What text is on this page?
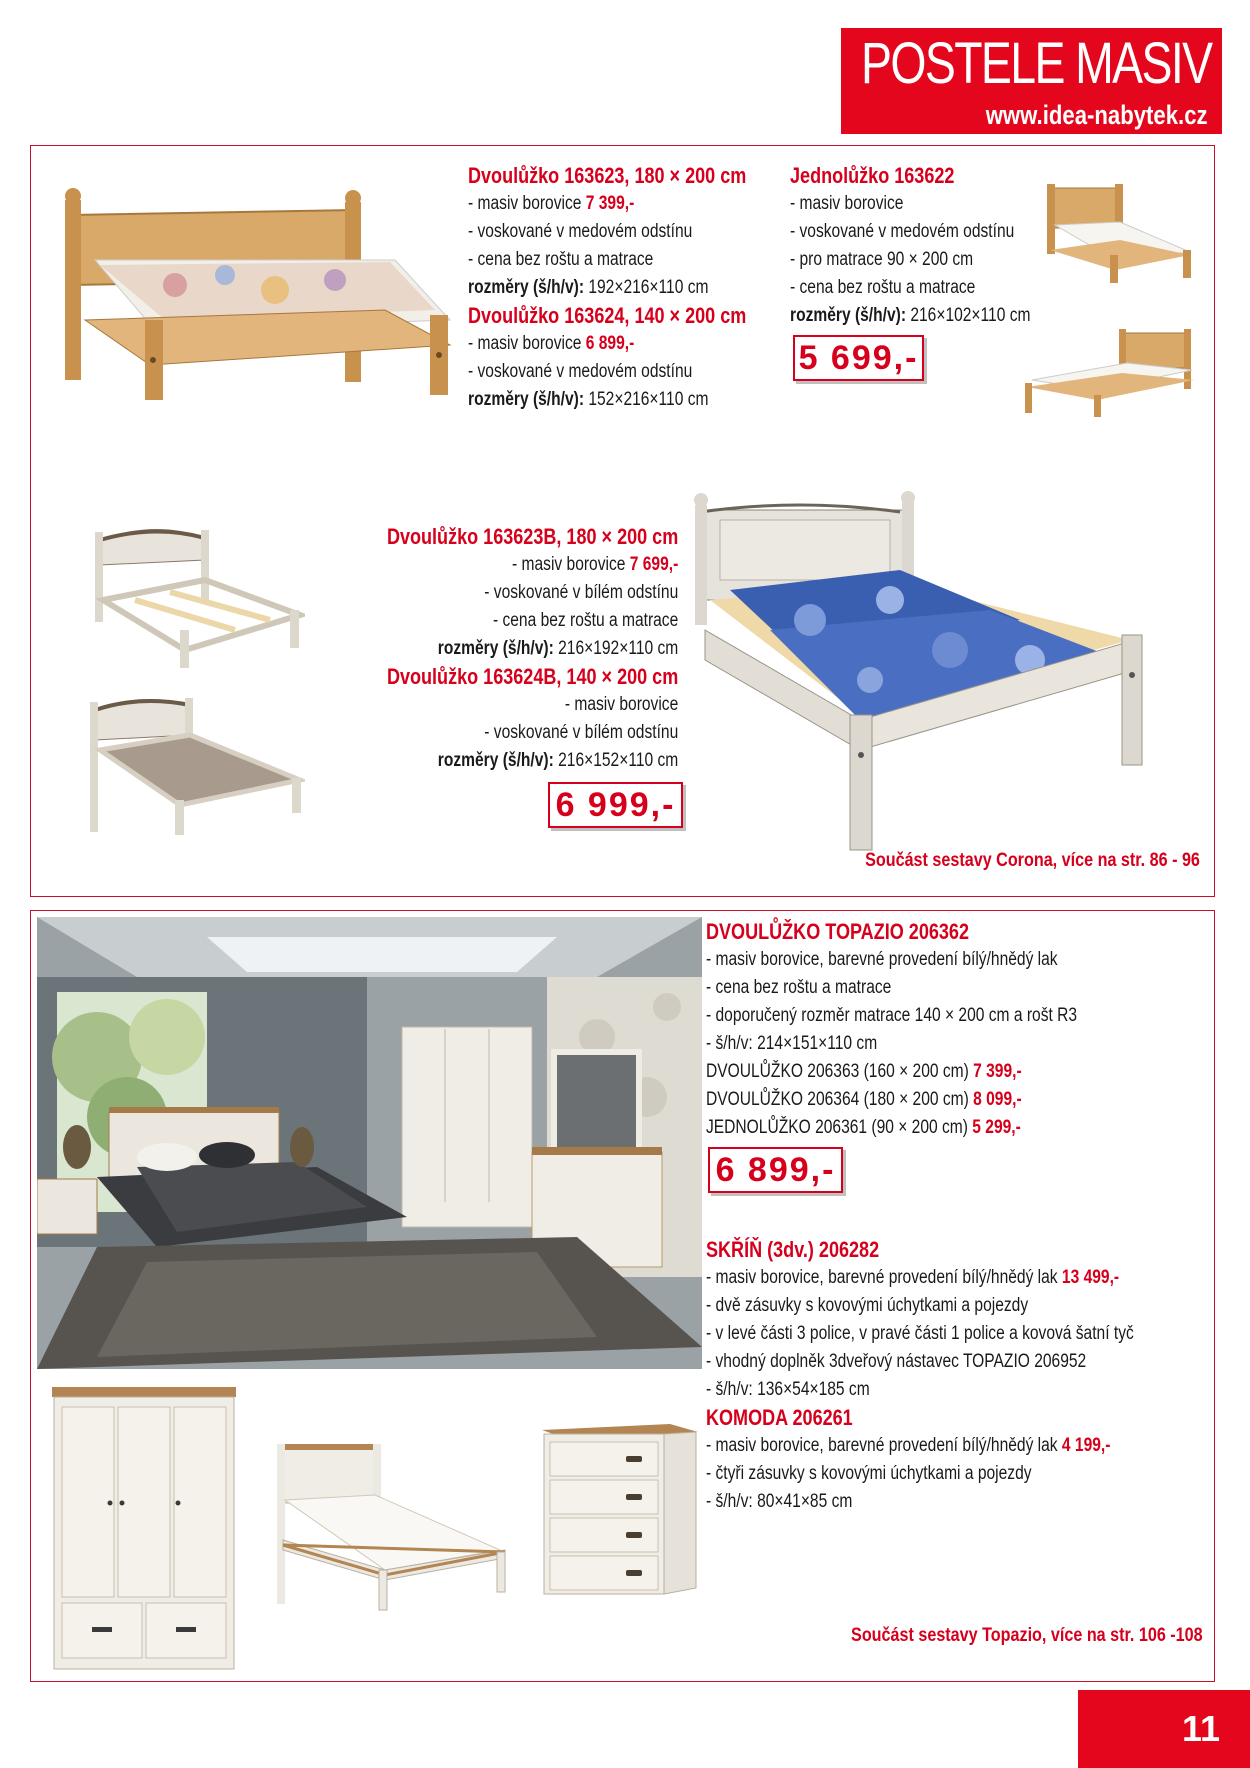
POSTELE MASIV
www.idea-nabytek.cz
Dvoulůžko 163623, 180 × 200 cm
- masiv borovice 7 399,-
- voskované v medovém odstínu
- cena bez roštu a matrace
rozměry (š/h/v): 192×216×110 cm
Dvoulůžko 163624, 140 × 200 cm
- masiv borovice 6 899,-
- voskované v medovém odstínu
rozměry (š/h/v): 152×216×110 cm
Jednolůžko 163622
- masiv borovice
- voskované v medovém odstínu
- pro matrace 90 × 200 cm
- cena bez roštu a matrace
rozměry (š/h/v): 216×102×110 cm
5 699,-
Dvoulůžko 163623B, 180 × 200 cm
- masiv borovice 7 699,-
- voskované v bílém odstínu
- cena bez roštu a matrace
rozměry (š/h/v): 216×192×110 cm
Dvoulůžko 163624B, 140 × 200 cm
- masiv borovice
- voskované v bílém odstínu
rozměry (š/h/v): 216×152×110 cm
6 999,-
Součást sestavy Corona, více na str. 86 - 96
DVOULŮŽKO TOPAZIO 206362
- masiv borovice, barevné provedení bílý/hnědý lak
- cena bez roštu a matrace
- doporučený rozměr matrace 140 × 200 cm a rošt R3
- š/h/v: 214×151×110 cm
DVOULŮŽKO 206363 (160 × 200 cm) 7 399,-
DVOULŮŽKO 206364 (180 × 200 cm) 8 099,-
JEDNOLŮŽKO 206361 (90 × 200 cm) 5 299,-
6 899,-
SKŘÍŇ (3dv.) 206282
- masiv borovice, barevné provedení bílý/hnědý lak 13 499,-
- dvě zásuvky s kovovými úchytkami a pojezdy
- v levé části 3 police, v pravé části 1 police a kovová šatní tyč
- vhodný doplněk 3dveřový nástavec TOPAZIO 206952
- š/h/v: 136×54×185 cm
KOMODA 206261
- masiv borovice, barevné provedení bílý/hnědý lak 4 199,-
- čtyři zásuvky s kovovými úchytkami a pojezdy
- š/h/v: 80×41×85 cm
Součást sestavy Topazio, více na str. 106 -108
11
